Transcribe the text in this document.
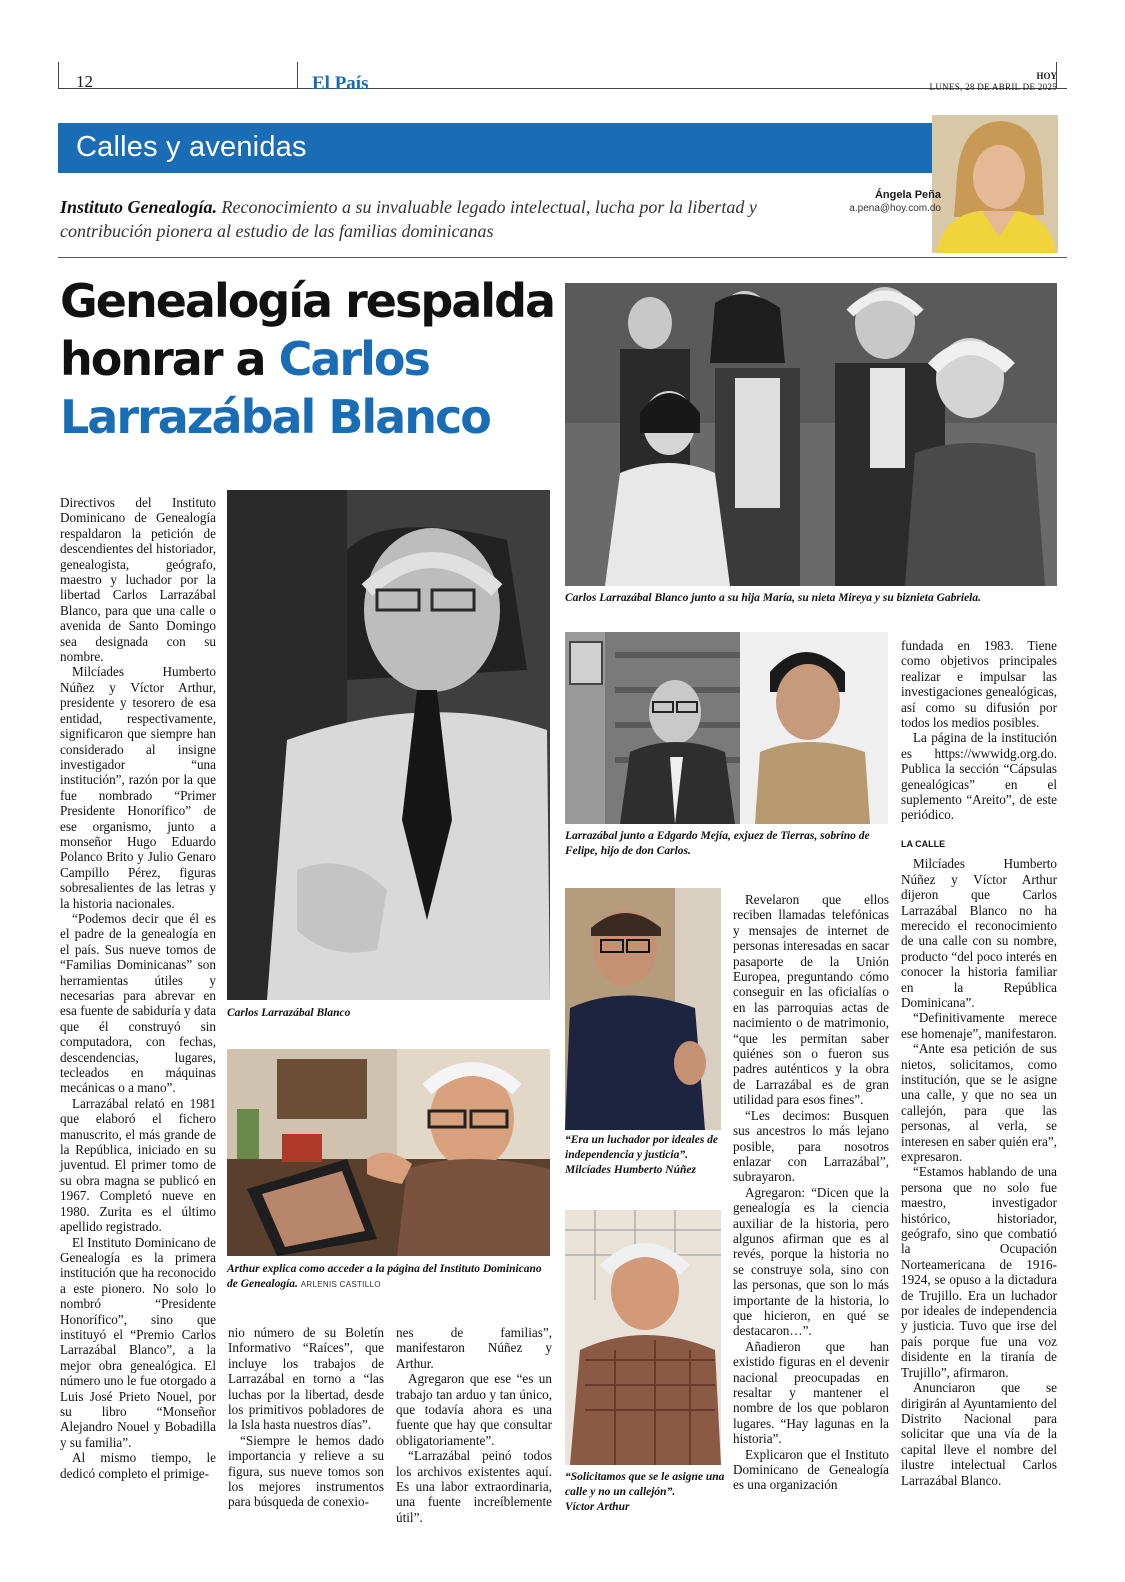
12	El País	HOY
LUNES, 28 DE ABRIL DE 2025
Calles y avenidas
Ángela Peña
a.pena@hoy.com.do
Instituto Genealogía. Reconocimiento a su invaluable legado intelectual, lucha por la libertad y contribución pionera al estudio de las familias dominicanas
Genealogía respalda
honrar a Carlos
Larrazábal Blanco
Carlos Larrazábal Blanco junto a su hija María, su nieta Mireya y su biznieta Gabriela.
Carlos Larrazábal Blanco
Larrazábal junto a Edgardo Mejía, exjuez de Tierras, sobrino de Felipe, hijo de don Carlos.
Arthur explica como acceder a la página del Instituto Dominicano de Genealogía. ARLENIS CASTILLO
“Era un luchador por ideales de independencia y justicia”.
Milcíades Humberto Núñez
“Solicitamos que se le asigne una calle y no un callejón”.
Víctor Arthur

Directivos del Instituto Dominicano de Genealogía respaldaron la petición de descendientes del historiador, genealogista, geógrafo, maestro y luchador por la libertad Carlos Larrazábal Blanco, para que una calle o avenida de Santo Domingo sea designada con su nombre.

Milcíades Humberto Núñez y Víctor Arthur, presidente y tesorero de esa entidad, respectivamente, significaron que siempre han considerado al insigne investigador “una institución”, razón por la que fue nombrado “Primer Presidente Honorífico” de ese organismo, junto a monseñor Hugo Eduardo Polanco Brito y Julio Genaro Campillo Pérez, figuras sobresalientes de las letras y la historia nacionales.

“Podemos decir que él es el padre de la genealogía en el país. Sus nueve tomos de “Familias Dominicanas” son herramientas útiles y necesarias para abrevar en esa fuente de sabiduría y data que él construyó sin computadora, con fechas, descendencias, lugares, tecleados en máquinas mecánicas o a mano”.

Larrazábal relató en 1981 que elaboró el fichero manuscrito, el más grande de la República, iniciado en su juventud. El primer tomo de su obra magna se publicó en 1967. Completó nueve en 1980. Zurita es el último apellido registrado.

El Instituto Dominicano de Genealogía es la primera institución que ha reconocido a este pionero. No solo lo nombró “Presidente Honorífico”, sino que instituyó el “Premio Carlos Larrazábal Blanco”, a la mejor obra genealógica. El número uno le fue otorgado a Luis José Prieto Nouel, por su libro “Monseñor Alejandro Nouel y Bobadilla y su familia”.

Al mismo tiempo, le dedicó completo el primige-

nio número de su Boletín Informativo “Raíces”, que incluye los trabajos de Larrazábal en torno a “las luchas por la libertad, desde los primitivos pobladores de la Isla hasta nuestros días”.

“Siempre le hemos dado importancia y relieve a su figura, sus nueve tomos son los mejores instrumentos para búsqueda de conexio-

nes de familias”, manifestaron Núñez y Arthur.

Agregaron que ese “es un trabajo tan arduo y tan único, que todavía ahora es una fuente que hay que consultar obligatoriamente”.

“Larrazábal peinó todos los archivos existentes aquí. Es una labor extraordinaria, una fuente increíblemente útil”.

Revelaron que ellos reciben llamadas telefónicas y mensajes de internet de personas interesadas en sacar pasaporte de la Unión Europea, preguntando cómo conseguir en las oficialías o en las parroquias actas de nacimiento o de matrimonio, “que les permitan saber quiénes son o fueron sus padres auténticos y la obra de Larrazábal es de gran utilidad para esos fines”.

“Les decimos: Busquen sus ancestros lo más lejano posible, para nosotros enlazar con Larrazábal”, subrayaron.

Agregaron: “Dicen que la genealogía es la ciencia auxiliar de la historia, pero algunos afirman que es al revés, porque la historia no se construye sola, sino con las personas, que son lo más importante de la historia, lo que hicieron, en qué se destacaron…”.

Añadieron que han existido figuras en el devenir nacional preocupadas en resaltar y mantener el nombre de los que poblaron lugares. “Hay lagunas en la historia”.

Explicaron que el Instituto Dominicano de Genealogía es una organización

fundada en 1983. Tiene como objetivos principales realizar e impulsar las investigaciones genealógicas, así como su difusión por todos los medios posibles.

La página de la institución es https://wwwidg.org.do. Publica la sección “Cápsulas genealógicas” en el suplemento “Areito”, de este periódico.

LA CALLE

Milcíades Humberto Núñez y Víctor Arthur dijeron que Carlos Larrazábal Blanco no ha merecido el reconocimiento de una calle con su nombre, producto “del poco interés en conocer la historia familiar en la República Dominicana”.

“Definitivamente merece ese homenaje”, manifestaron.

“Ante esa petición de sus nietos, solicitamos, como institución, que se le asigne una calle, y que no sea un callejón, para que las personas, al verla, se interesen en saber quién era”, expresaron.

“Estamos hablando de una persona que no solo fue maestro, investigador histórico, historiador, geógrafo, sino que combatió la Ocupación Norteamericana de 1916-1924, se opuso a la dictadura de Trujillo. Era un luchador por ideales de independencia y justicia. Tuvo que irse del país porque fue una voz disidente en la tiranía de Trujillo”, afirmaron.

Anunciaron que se dirigirán al Ayuntamiento del Distrito Nacional para solicitar que una vía de la capital lleve el nombre del ilustre intelectual Carlos Larrazábal Blanco.
